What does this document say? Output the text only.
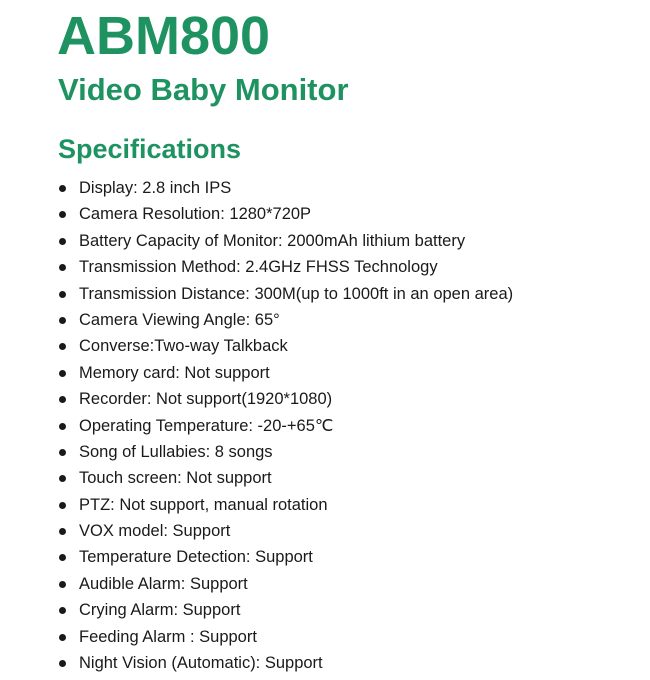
ABM800
Video Baby Monitor
Specifications
Display: 2.8 inch IPS
Camera Resolution: 1280*720P
Battery Capacity of Monitor: 2000mAh lithium battery
Transmission Method: 2.4GHz FHSS Technology
Transmission Distance: 300M(up to 1000ft in an open area)
Camera Viewing Angle: 65°
Converse:Two-way Talkback
Memory card: Not support
Recorder: Not support(1920*1080)
Operating Temperature: -20-+65℃
Song of Lullabies: 8 songs
Touch screen: Not support
PTZ: Not support, manual rotation
VOX model: Support
Temperature Detection: Support
Audible Alarm: Support
Crying Alarm: Support
Feeding Alarm : Support
Night Vision (Automatic): Support
